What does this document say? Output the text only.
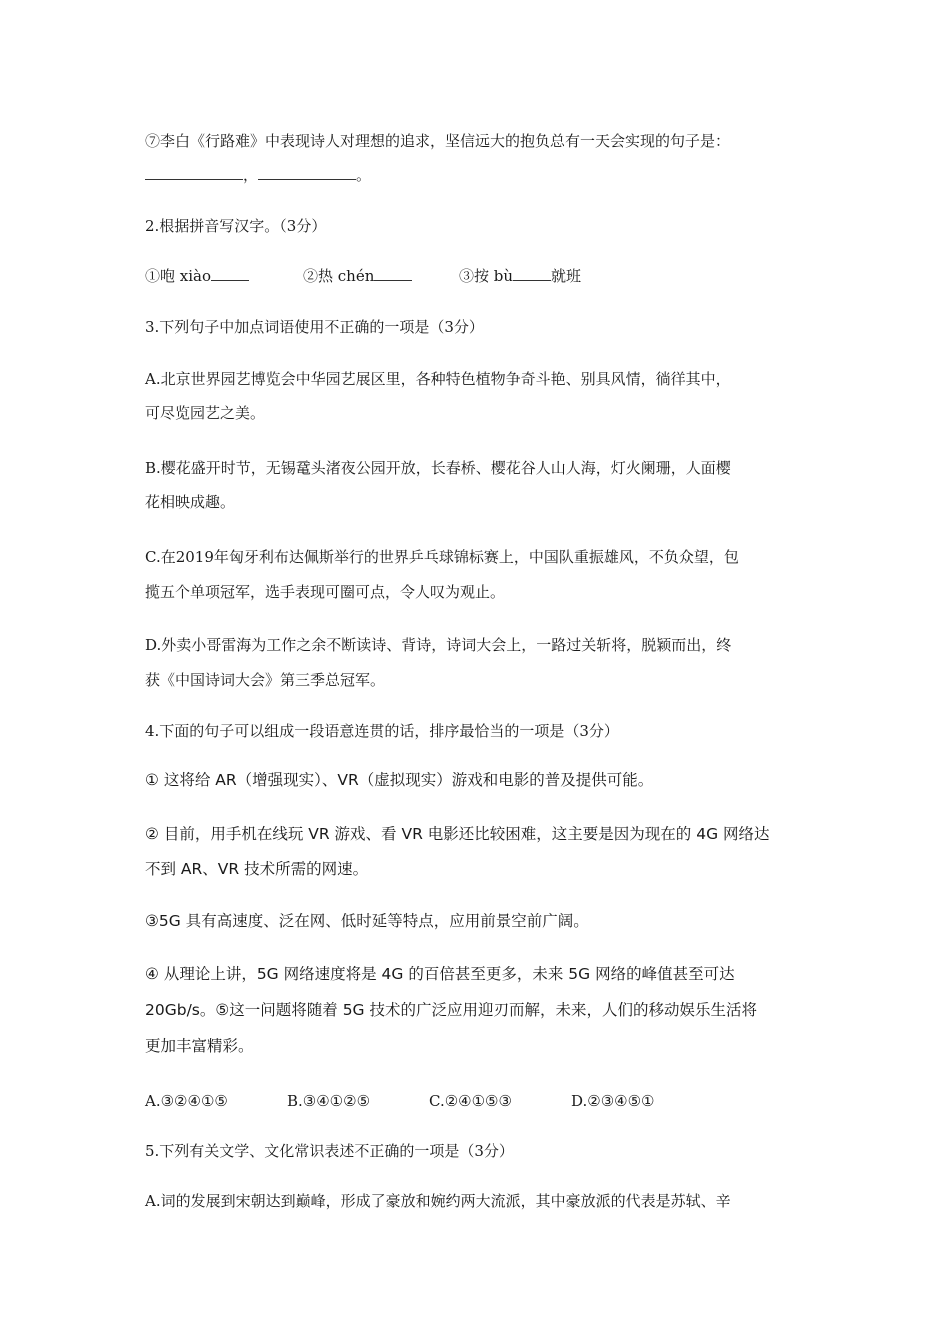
⑦李白《行路难》中表现诗人对理想的追求，坚信远大的抱负总有一天会实现的句子是：
，	。
2.根据拼音写汉字。（3分）
①咆 xiào	②热 chén	③按 bù	就班
3.下列句子中加点词语使用不正确的一项是（3分）
A.北京世界园艺博览会中华园艺展区里，各种特色植物争奇斗艳、别具风情，徜徉其中，
可尽览园艺之美。
B.樱花盛开时节，无锡鼋头渚夜公园开放，长春桥、樱花谷人山人海，灯火阑珊，人面樱
花相映成趣。
C.在2019年匈牙利布达佩斯举行的世界乒乓球锦标赛上，中国队重振雄风，不负众望，包
揽五个单项冠军，选手表现可圈可点，令人叹为观止。
D.外卖小哥雷海为工作之余不断读诗、背诗，诗词大会上，一路过关斩将，脱颖而出，终
获《中国诗词大会》第三季总冠军。
4.下面的句子可以组成一段语意连贯的话，排序最恰当的一项是（3分）
① 这将给 AR（增强现实）、VR（虚拟现实）游戏和电影的普及提供可能。
② 目前，用手机在线玩 VR 游戏、看 VR 电影还比较困难，这主要是因为现在的 4G 网络达
不到 AR、VR 技术所需的网速。
③5G 具有高速度、泛在网、低时延等特点，应用前景空前广阔。
④ 从理论上讲，5G 网络速度将是 4G 的百倍甚至更多，未来 5G 网络的峰值甚至可达
20Gb/s。⑤这一问题将随着 5G 技术的广泛应用迎刃而解，未来，人们的移动娱乐生活将
更加丰富精彩。
A.③②④①⑤	B.③④①②⑤	C.②④①⑤③	D.②③④⑤①
5.下列有关文学、文化常识表述不正确的一项是（3分）
A.词的发展到宋朝达到巅峰，形成了豪放和婉约两大流派，其中豪放派的代表是苏轼、辛
